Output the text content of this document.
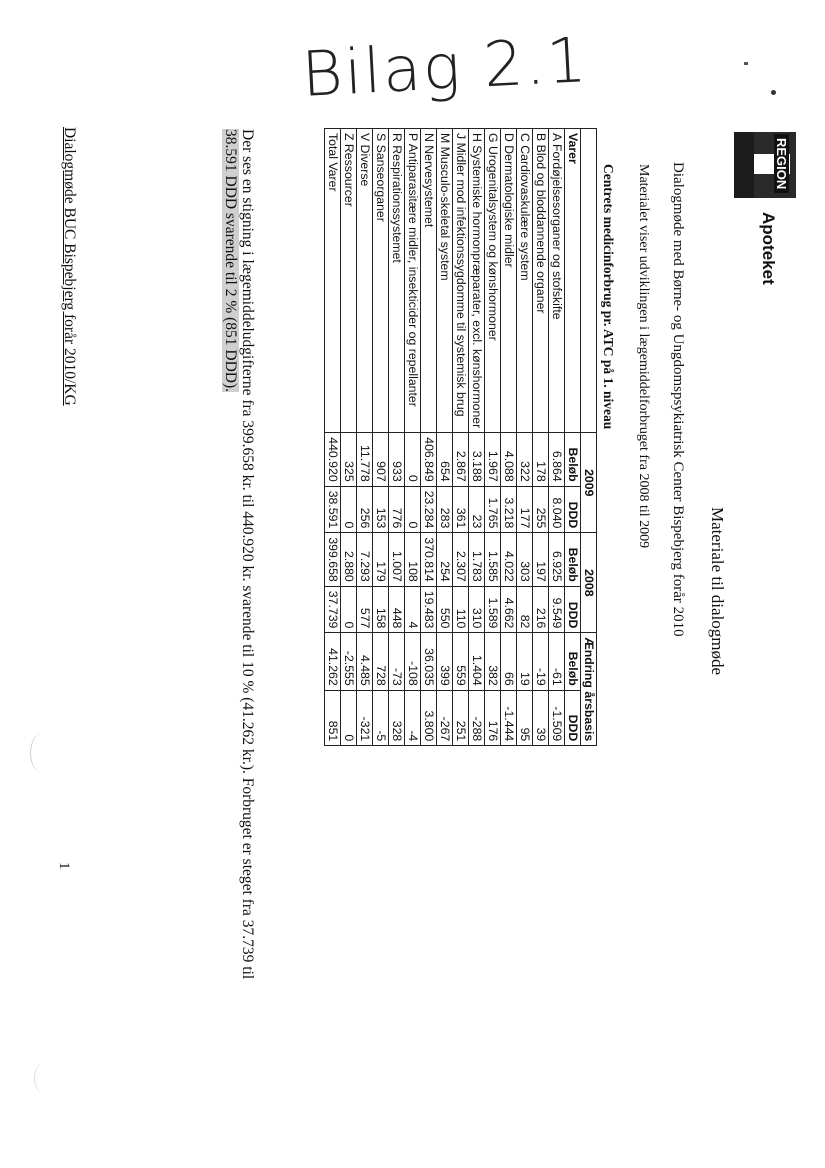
Bilag 2.1
REGION
Apoteket
Materiale til dialogmøde
Dialogmøde med Børne- og Ungdomspsykiatrisk Center Bispebjerg forår 2010
Materialet viser udviklingen i lægemiddelforbruget fra 2008 til 2009
Centrets medicinforbrug pr. ATC på 1. niveau
	2009		2008		Ændring årsbasis	
Varer	Beløb	DDD	Beløb	DDD	Beløb	DDD
A Fordøjelsesorganer og stofskifte	6.864	8.040	6.925	9.549	-61	-1.509
B Blod og bloddannende organer	178	255	197	216	-19	39
C Cardiovaskulære system	322	177	303	82	19	95
D Dermatologiske midler	4.088	3.218	4.022	4.662	66	-1.444
G Urogenitalsystem og kønshormoner	1.967	1.765	1.585	1.589	382	176
H Systemiske hormonpræparater, excl. kønshormoner	3.188	23	1.783	310	1.404	-288
J Midler mod infektionssygdomme til systemisk brug	2.867	361	2.307	110	559	251
M Musculo-skeletal system	654	283	254	550	399	-267
N Nervesystemet	406.849	23.284	370.814	19.483	36.035	3.800
P Antiparasitære midler, insekticider og repellanter	0	0	108	4	-108	-4
R Respirationssystemet	933	776	1.007	448	-73	328
S Sanseorganer	907	153	179	158	728	-5
V Diverse	11.778	256	7.293	577	4.485	-321
Z Ressourcer	325	0	2.880	0	-2.555	0
Total Varer	440.920	38.591	399.658	37.739	41.262	851
Der ses en stigning i lægemiddeludgifterne fra 399.658 kr. til 440.920 kr. svarende til 10 % (41.262 kr.). Forbruget er steget fra 37.739 til
38.591 DDD svarende til 2 % (851 DDD).
Dialogmøde BUC Bispebjerg forår 2010/KG
1
